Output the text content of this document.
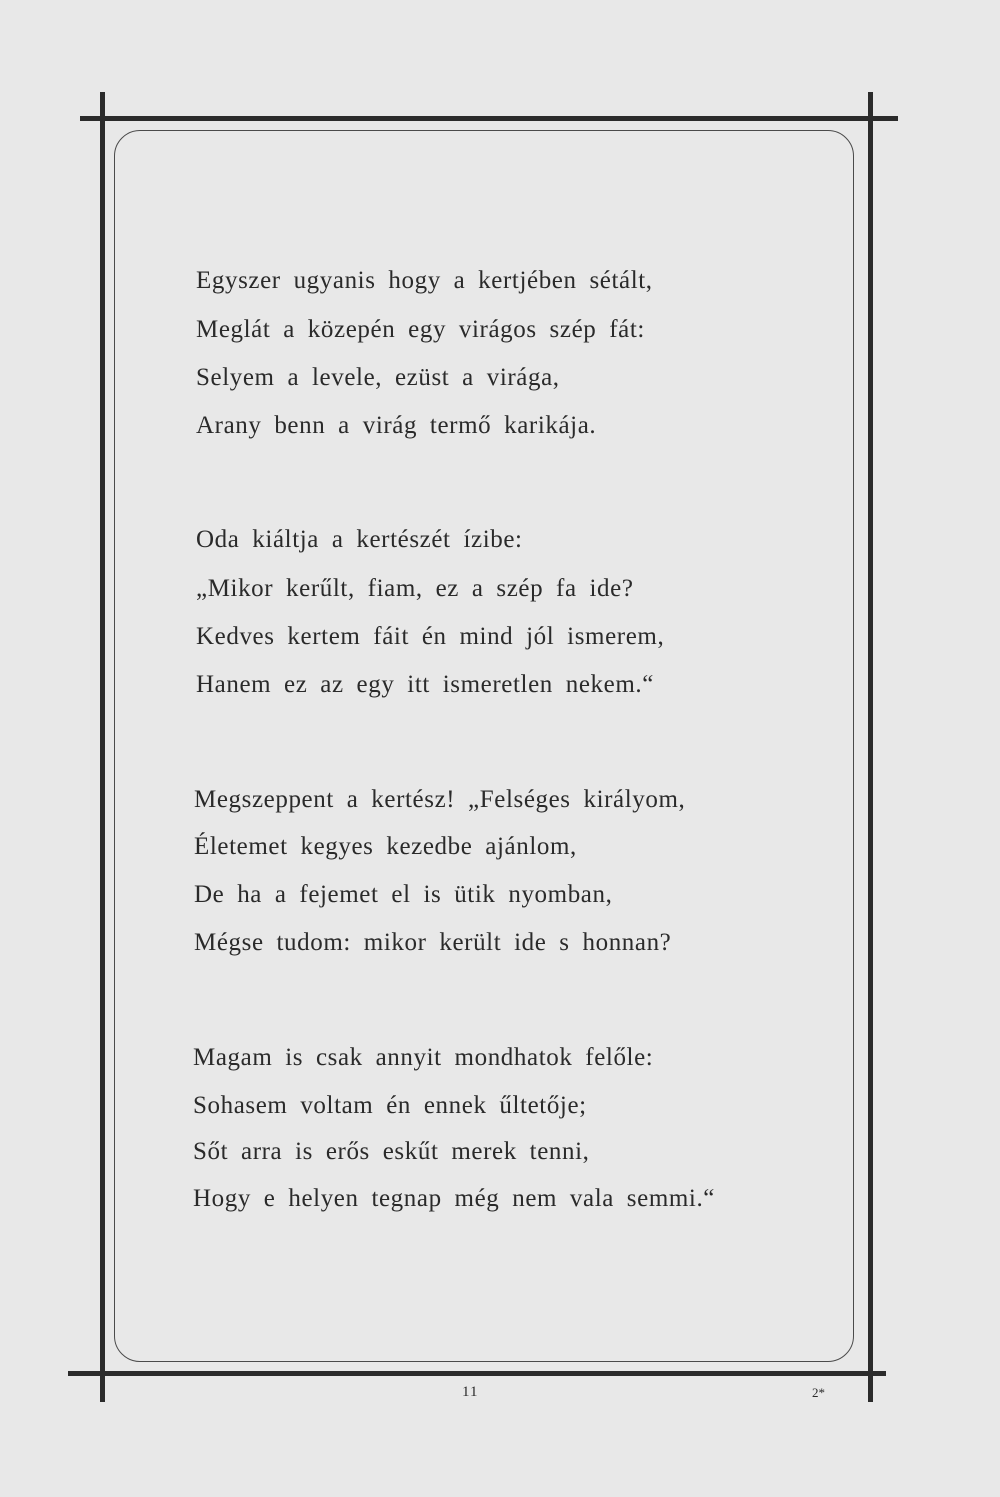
Egyszer ugyanis hogy a kertjében sétált,
Meglát a közepén egy virágos szép fát:
Selyem a levele, ezüst a virága,
Arany benn a virág termő karikája.
Oda kiáltja a kertészét ízibe:
„Mikor kerűlt, fiam, ez a szép fa ide?
Kedves kertem fáit én mind jól ismerem,
Hanem ez az egy itt ismeretlen nekem.“
Megszeppent a kertész! „Felséges királyom,
Életemet kegyes kezedbe ajánlom,
De ha a fejemet el is ütik nyomban,
Mégse tudom: mikor került ide s honnan?
Magam is csak annyit mondhatok felőle:
Sohasem voltam én ennek űltetője;
Sőt arra is erős eskűt merek tenni,
Hogy e helyen tegnap még nem vala semmi.“
11	2*
